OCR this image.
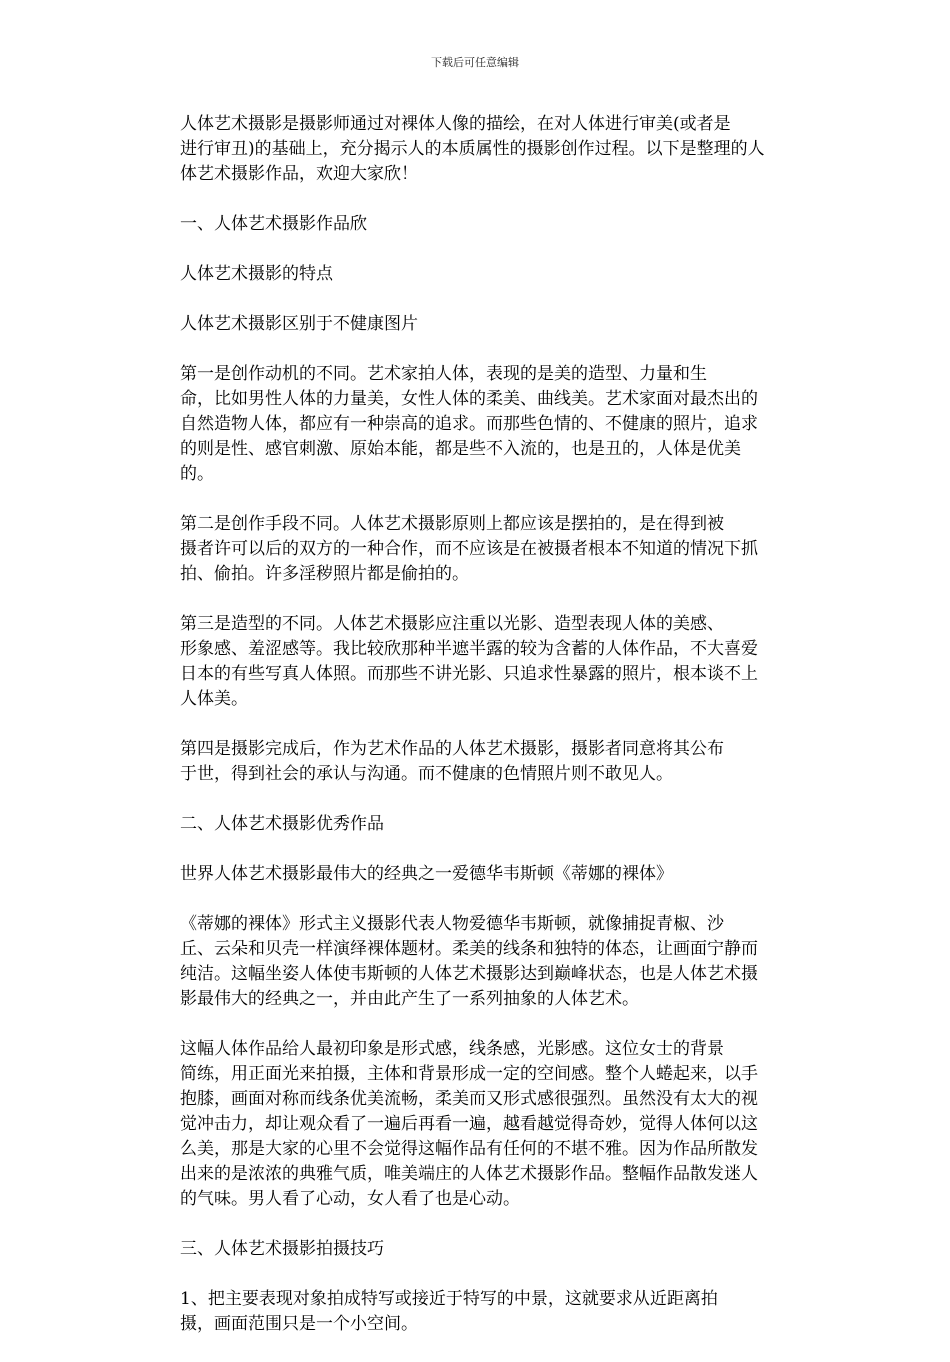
下载后可任意编辑

人体艺术摄影是摄影师通过对裸体人像的描绘，在对人体进行审美(或者是
进行审丑)的基础上，充分揭示人的本质属性的摄影创作过程。以下是整理的人
体艺术摄影作品，欢迎大家欣！

一、人体艺术摄影作品欣

人体艺术摄影的特点

人体艺术摄影区别于不健康图片

第一是创作动机的不同。艺术家拍人体，表现的是美的造型、力量和生
命，比如男性人体的力量美，女性人体的柔美、曲线美。艺术家面对最杰出的
自然造物人体，都应有一种崇高的追求。而那些色情的、不健康的照片，追求
的则是性、感官刺激、原始本能，都是些不入流的，也是丑的，人体是优美
的。

第二是创作手段不同。人体艺术摄影原则上都应该是摆拍的，是在得到被
摄者许可以后的双方的一种合作，而不应该是在被摄者根本不知道的情况下抓
拍、偷拍。许多淫秽照片都是偷拍的。

第三是造型的不同。人体艺术摄影应注重以光影、造型表现人体的美感、
形象感、羞涩感等。我比较欣那种半遮半露的较为含蓄的人体作品，不大喜爱
日本的有些写真人体照。而那些不讲光影、只追求性暴露的照片，根本谈不上
人体美。

第四是摄影完成后，作为艺术作品的人体艺术摄影，摄影者同意将其公布
于世，得到社会的承认与沟通。而不健康的色情照片则不敢见人。

二、人体艺术摄影优秀作品

世界人体艺术摄影最伟大的经典之一爱德华韦斯顿《蒂娜的裸体》

《蒂娜的裸体》形式主义摄影代表人物爱德华韦斯顿，就像捕捉青椒、沙
丘、云朵和贝壳一样演绎裸体题材。柔美的线条和独特的体态，让画面宁静而
纯洁。这幅坐姿人体使韦斯顿的人体艺术摄影达到巅峰状态，也是人体艺术摄
影最伟大的经典之一，并由此产生了一系列抽象的人体艺术。

这幅人体作品给人最初印象是形式感，线条感，光影感。这位女士的背景
简练，用正面光来拍摄，主体和背景形成一定的空间感。整个人蜷起来，以手
抱膝，画面对称而线条优美流畅，柔美而又形式感很强烈。虽然没有太大的视
觉冲击力，却让观众看了一遍后再看一遍，越看越觉得奇妙，觉得人体何以这
么美，那是大家的心里不会觉得这幅作品有任何的不堪不雅。因为作品所散发
出来的是浓浓的典雅气质，唯美端庄的人体艺术摄影作品。整幅作品散发迷人
的气味。男人看了心动，女人看了也是心动。

三、人体艺术摄影拍摄技巧

1、把主要表现对象拍成特写或接近于特写的中景，这就要求从近距离拍
摄，画面范围只是一个小空间。
